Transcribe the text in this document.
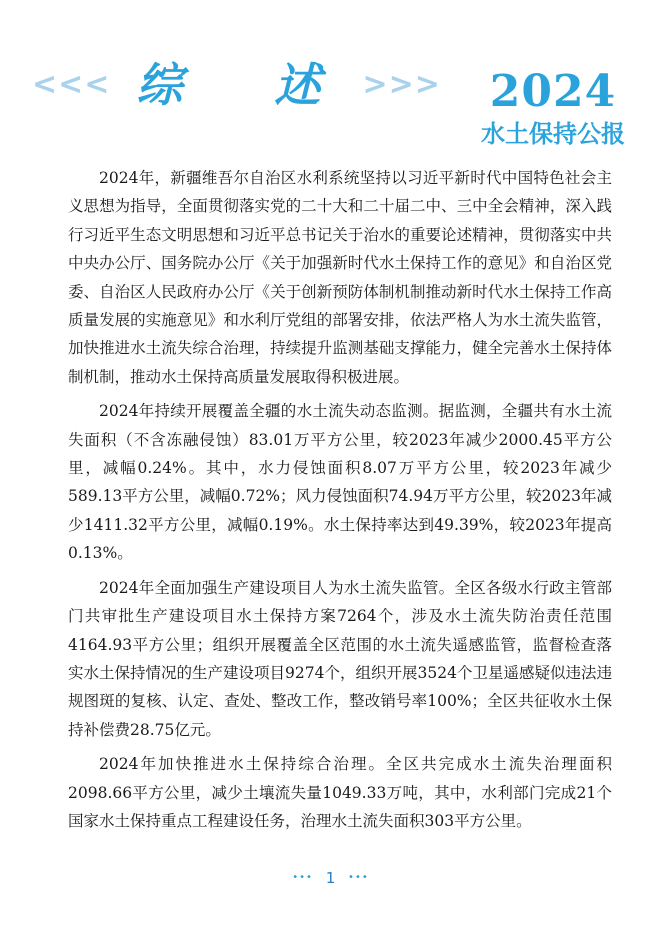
<<< 综 述 >>> 2024
水土保持公报

2024年，新疆维吾尔自治区水利系统坚持以习近平新时代中国特色社会主义思想为指导，全面贯彻落实党的二十大和二十届二中、三中全会精神，深入践行习近平生态文明思想和习近平总书记关于治水的重要论述精神，贯彻落实中共中央办公厅、国务院办公厅《关于加强新时代水土保持工作的意见》和自治区党委、自治区人民政府办公厅《关于创新预防体制机制推动新时代水土保持工作高质量发展的实施意见》和水利厅党组的部署安排，依法严格人为水土流失监管，加快推进水土流失综合治理，持续提升监测基础支撑能力，健全完善水土保持体制机制，推动水土保持高质量发展取得积极进展。

2024年持续开展覆盖全疆的水土流失动态监测。据监测，全疆共有水土流失面积（不含冻融侵蚀）83.01万平方公里，较2023年减少2000.45平方公里，减幅0.24%。其中，水力侵蚀面积8.07万平方公里，较2023年减少589.13平方公里，减幅0.72%；风力侵蚀面积74.94万平方公里，较2023年减少1411.32平方公里，减幅0.19%。水土保持率达到49.39%，较2023年提高0.13%。

2024年全面加强生产建设项目人为水土流失监管。全区各级水行政主管部门共审批生产建设项目水土保持方案7264个，涉及水土流失防治责任范围4164.93平方公里；组织开展覆盖全区范围的水土流失遥感监管，监督检查落实水土保持情况的生产建设项目9274个，组织开展3524个卫星遥感疑似违法违规图斑的复核、认定、查处、整改工作，整改销号率100%；全区共征收水土保持补偿费28.75亿元。

2024年加快推进水土保持综合治理。全区共完成水土流失治理面积2098.66平方公里，减少土壤流失量1049.33万吨，其中，水利部门完成21个国家水土保持重点工程建设任务，治理水土流失面积303平方公里。

••• 1 •••
